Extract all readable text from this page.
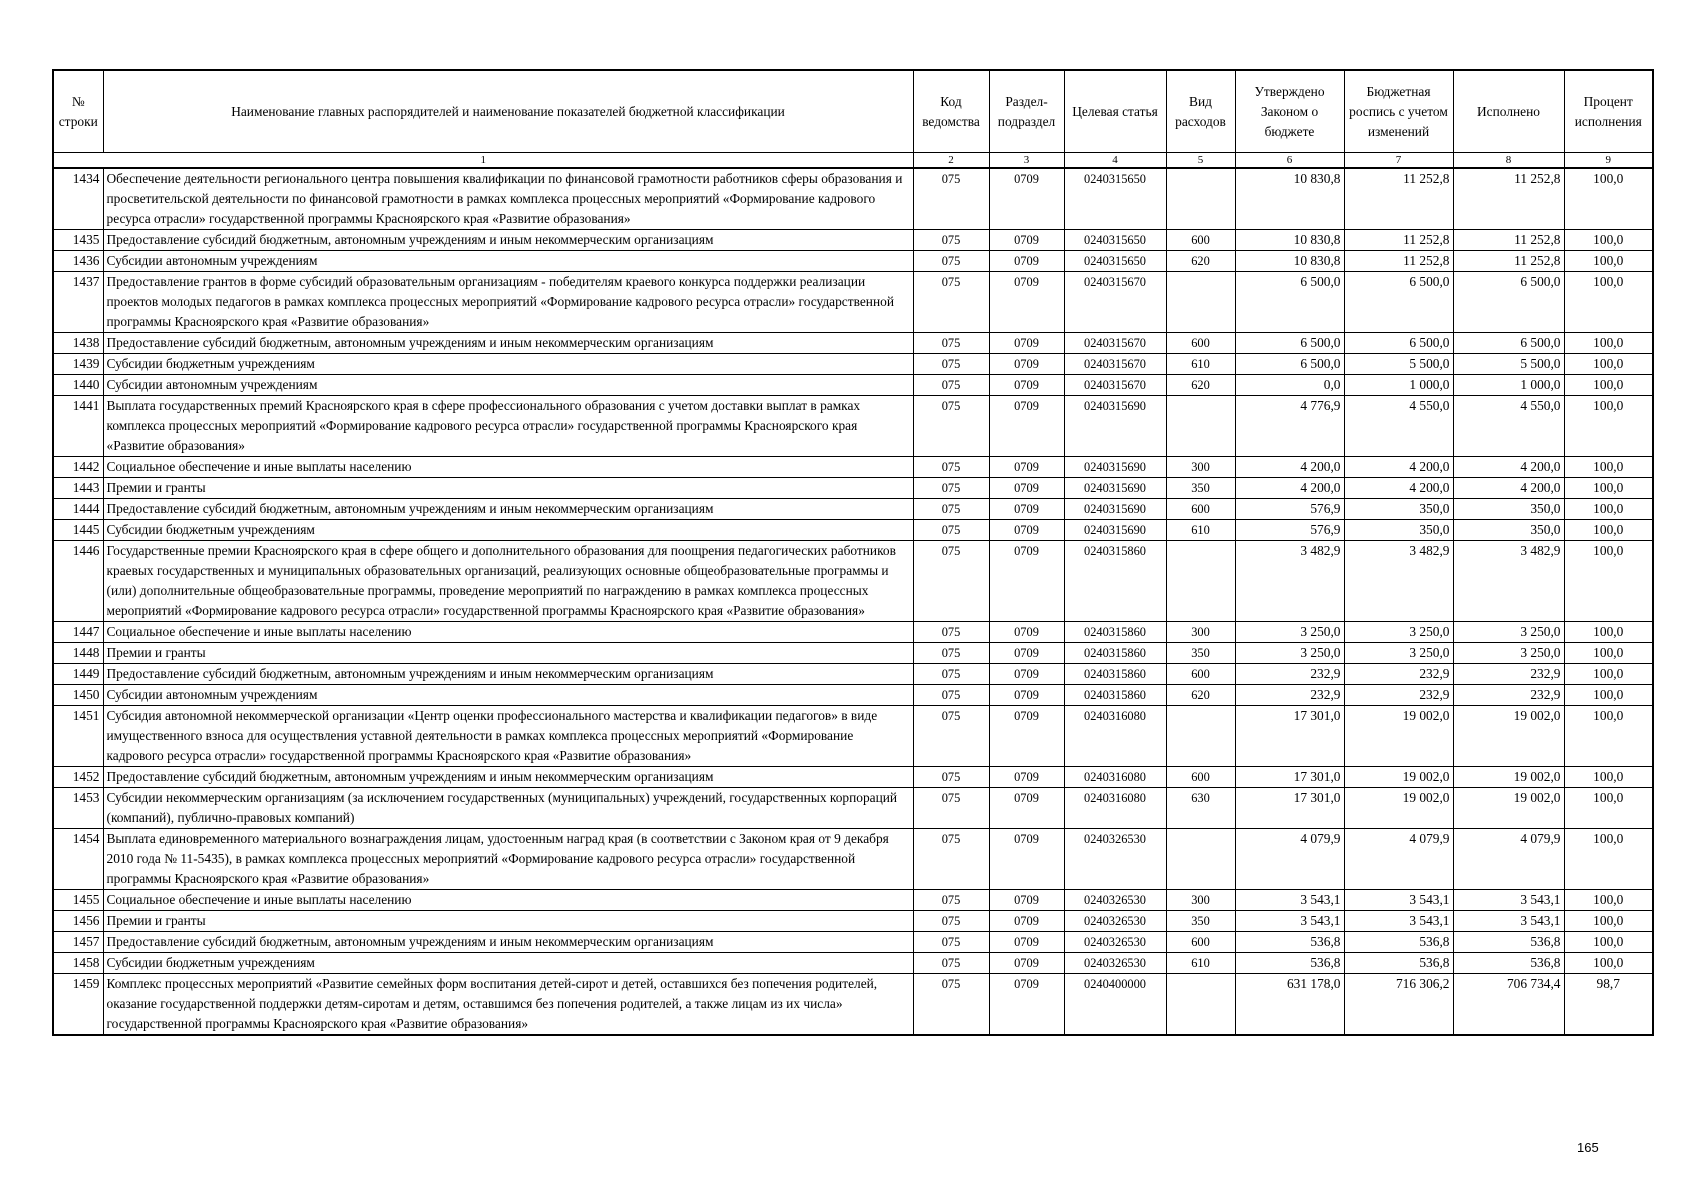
№ строки	Наименование главных распорядителей и наименование показателей бюджетной классификации	Код ведомства	Раздел-подраздел	Целевая статья	Вид расходов	Утверждено Законом о бюджете	Бюджетная роспись с учетом изменений	Исполнено	Процент исполнения
1		2	3	4	5	6	7	8	9
1434	Обеспечение деятельности регионального центра повышения квалификации по финансовой грамотности работников сферы образования и просветительской деятельности по финансовой грамотности в рамках комплекса процессных мероприятий «Формирование кадрового ресурса отрасли» государственной программы Красноярского края «Развитие образования»	075	0709	0240315650		10 830,8	11 252,8	11 252,8	100,0
1435	Предоставление субсидий бюджетным, автономным учреждениям и иным некоммерческим организациям	075	0709	0240315650	600	10 830,8	11 252,8	11 252,8	100,0
1436	Субсидии автономным учреждениям	075	0709	0240315650	620	10 830,8	11 252,8	11 252,8	100,0
1437	Предоставление грантов в форме субсидий образовательным организациям - победителям краевого конкурса поддержки реализации проектов молодых педагогов в рамках комплекса процессных мероприятий «Формирование кадрового ресурса отрасли» государственной программы Красноярского края «Развитие образования»	075	0709	0240315670		6 500,0	6 500,0	6 500,0	100,0
1438	Предоставление субсидий бюджетным, автономным учреждениям и иным некоммерческим организациям	075	0709	0240315670	600	6 500,0	6 500,0	6 500,0	100,0
1439	Субсидии бюджетным учреждениям	075	0709	0240315670	610	6 500,0	5 500,0	5 500,0	100,0
1440	Субсидии автономным учреждениям	075	0709	0240315670	620	0,0	1 000,0	1 000,0	100,0
1441	Выплата государственных премий Красноярского края в сфере профессионального образования с учетом доставки выплат в рамках комплекса процессных мероприятий «Формирование кадрового ресурса отрасли» государственной программы Красноярского края «Развитие образования»	075	0709	0240315690		4 776,9	4 550,0	4 550,0	100,0
1442	Социальное обеспечение и иные выплаты населению	075	0709	0240315690	300	4 200,0	4 200,0	4 200,0	100,0
1443	Премии и гранты	075	0709	0240315690	350	4 200,0	4 200,0	4 200,0	100,0
1444	Предоставление субсидий бюджетным, автономным учреждениям и иным некоммерческим организациям	075	0709	0240315690	600	576,9	350,0	350,0	100,0
1445	Субсидии бюджетным учреждениям	075	0709	0240315690	610	576,9	350,0	350,0	100,0
1446	Государственные премии Красноярского края в сфере общего и дополнительного образования для поощрения педагогических работников краевых государственных и муниципальных образовательных организаций, реализующих основные общеобразовательные программы и (или) дополнительные общеобразовательные программы, проведение мероприятий по награждению в рамках комплекса процессных мероприятий «Формирование кадрового ресурса отрасли» государственной программы Красноярского края «Развитие образования»	075	0709	0240315860		3 482,9	3 482,9	3 482,9	100,0
1447	Социальное обеспечение и иные выплаты населению	075	0709	0240315860	300	3 250,0	3 250,0	3 250,0	100,0
1448	Премии и гранты	075	0709	0240315860	350	3 250,0	3 250,0	3 250,0	100,0
1449	Предоставление субсидий бюджетным, автономным учреждениям и иным некоммерческим организациям	075	0709	0240315860	600	232,9	232,9	232,9	100,0
1450	Субсидии автономным учреждениям	075	0709	0240315860	620	232,9	232,9	232,9	100,0
1451	Субсидия автономной некоммерческой организации «Центр оценки профессионального мастерства и квалификации педагогов» в виде имущественного взноса для осуществления уставной деятельности в рамках комплекса процессных мероприятий «Формирование кадрового ресурса отрасли» государственной программы Красноярского края «Развитие образования»	075	0709	0240316080		17 301,0	19 002,0	19 002,0	100,0
1452	Предоставление субсидий бюджетным, автономным учреждениям и иным некоммерческим организациям	075	0709	0240316080	600	17 301,0	19 002,0	19 002,0	100,0
1453	Субсидии некоммерческим организациям (за исключением государственных (муниципальных) учреждений, государственных корпораций (компаний), публично-правовых компаний)	075	0709	0240316080	630	17 301,0	19 002,0	19 002,0	100,0
1454	Выплата единовременного материального вознаграждения лицам, удостоенным наград края (в соответствии с Законом края от 9 декабря 2010 года № 11-5435), в рамках комплекса процессных мероприятий «Формирование кадрового ресурса отрасли» государственной программы Красноярского края «Развитие образования»	075	0709	0240326530		4 079,9	4 079,9	4 079,9	100,0
1455	Социальное обеспечение и иные выплаты населению	075	0709	0240326530	300	3 543,1	3 543,1	3 543,1	100,0
1456	Премии и гранты	075	0709	0240326530	350	3 543,1	3 543,1	3 543,1	100,0
1457	Предоставление субсидий бюджетным, автономным учреждениям и иным некоммерческим организациям	075	0709	0240326530	600	536,8	536,8	536,8	100,0
1458	Субсидии бюджетным учреждениям	075	0709	0240326530	610	536,8	536,8	536,8	100,0
1459	Комплекс процессных мероприятий «Развитие семейных форм воспитания детей-сирот и детей, оставшихся без попечения родителей, оказание государственной поддержки детям-сиротам и детям, оставшимся без попечения родителей, а также лицам из их числа» государственной программы Красноярского края «Развитие образования»	075	0709	0240400000		631 178,0	716 306,2	706 734,4	98,7
165
